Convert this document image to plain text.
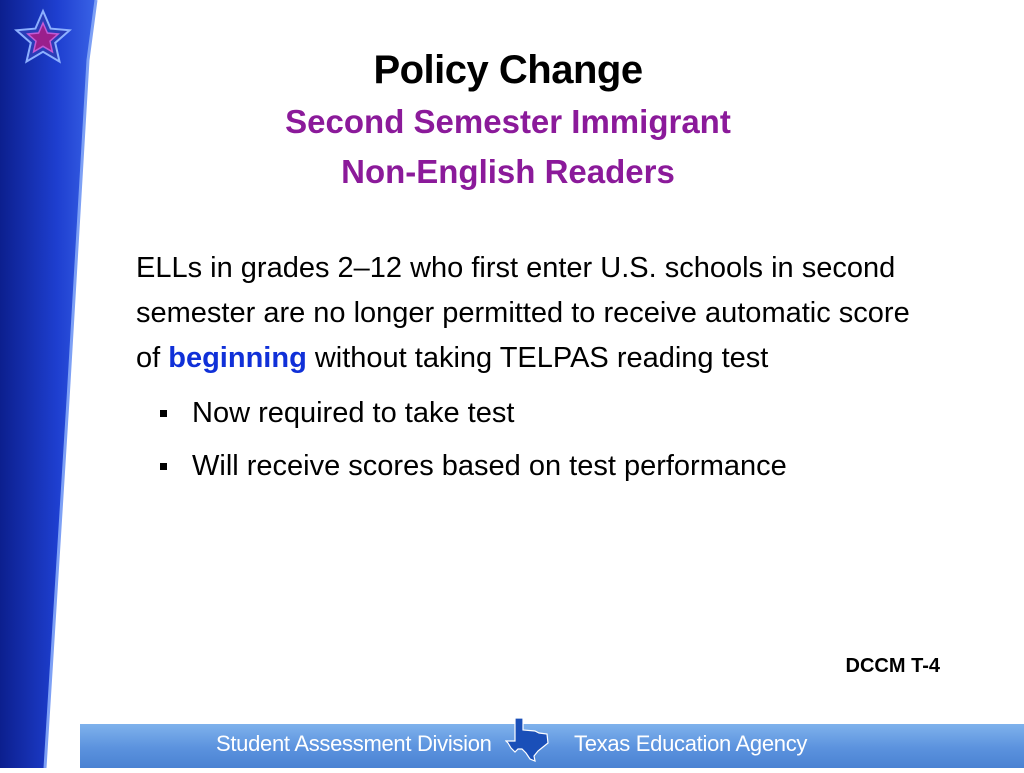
Policy Change
Second Semester Immigrant
Non-English Readers

ELLs in grades 2–12 who first enter U.S. schools in second semester are no longer permitted to receive automatic score of beginning without taking TELPAS reading test

Now required to take test
Will receive scores based on test performance
DCCM T-4
Student Assessment Division	Texas Education Agency
